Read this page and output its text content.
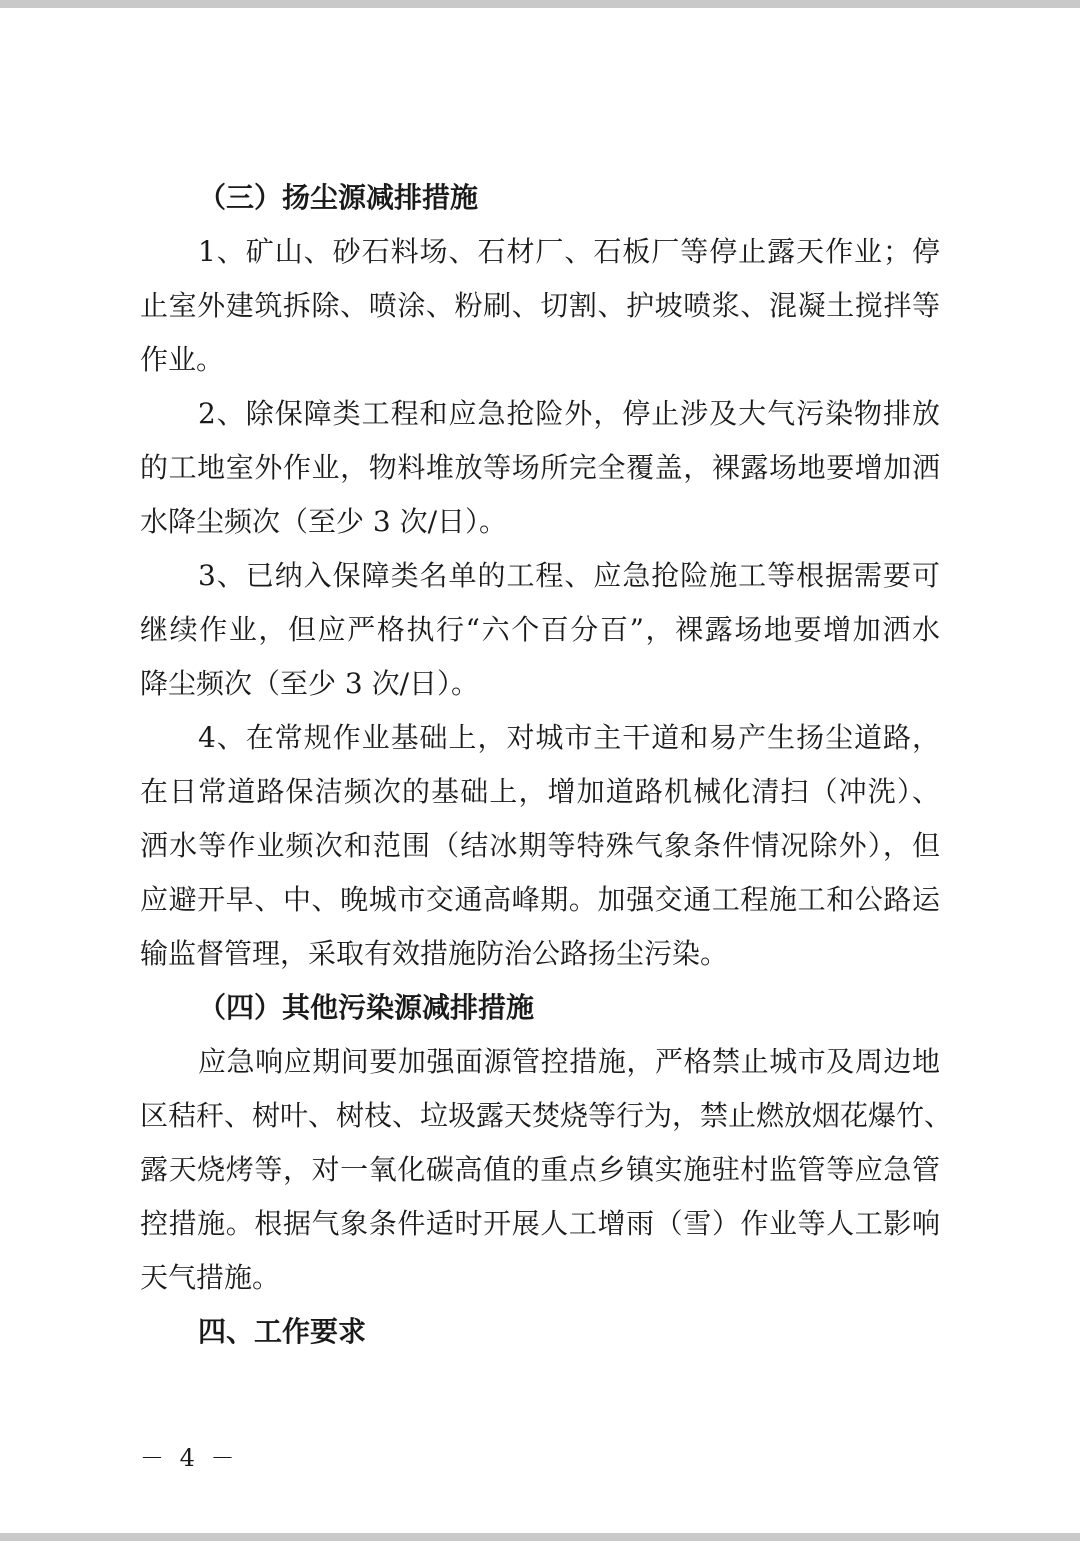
（三）扬尘源减排措施
1、矿山、砂石料场、石材厂、石板厂等停止露天作业；停
止室外建筑拆除、喷涂、粉刷、切割、护坡喷浆、混凝土搅拌等
作业。
2、除保障类工程和应急抢险外，停止涉及大气污染物排放
的工地室外作业，物料堆放等场所完全覆盖，裸露场地要增加洒
水降尘频次（至少 3 次/日）。
3、已纳入保障类名单的工程、应急抢险施工等根据需要可
继续作业，但应严格执行“六个百分百”，裸露场地要增加洒水
降尘频次（至少 3 次/日）。
4、在常规作业基础上，对城市主干道和易产生扬尘道路，
在日常道路保洁频次的基础上，增加道路机械化清扫（冲洗）、
洒水等作业频次和范围（结冰期等特殊气象条件情况除外），但
应避开早、中、晚城市交通高峰期。加强交通工程施工和公路运
输监督管理，采取有效措施防治公路扬尘污染。
（四）其他污染源减排措施
应急响应期间要加强面源管控措施，严格禁止城市及周边地
区秸秆、树叶、树枝、垃圾露天焚烧等行为，禁止燃放烟花爆竹、
露天烧烤等，对一氧化碳高值的重点乡镇实施驻村监管等应急管
控措施。根据气象条件适时开展人工增雨（雪）作业等人工影响
天气措施。
四、工作要求
－ 4 －
